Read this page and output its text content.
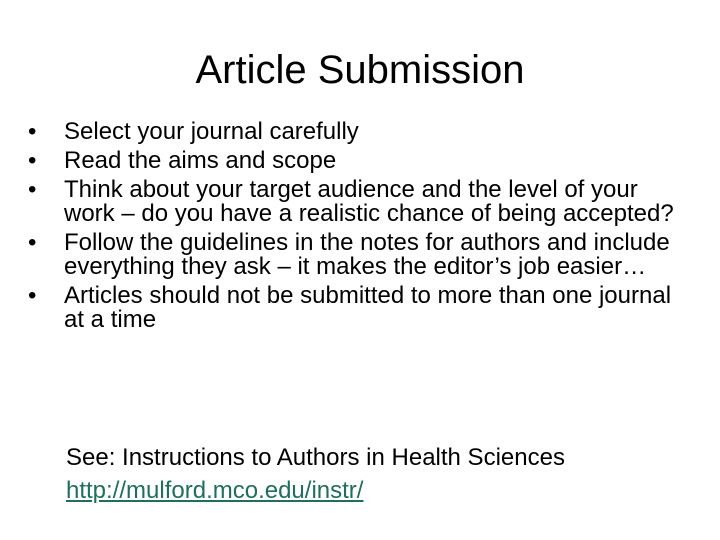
Article Submission
•	Select your journal carefully
•	Read the aims and scope
•	Think about your target audience and the level of your work – do you have a realistic chance of being accepted?
•	Follow the guidelines in the notes for authors and include everything they ask – it makes the editor’s job easier…
•	Articles should not be submitted to more than one journal at a time
See: Instructions to Authors in Health Sciences
http://mulford.mco.edu/instr/
